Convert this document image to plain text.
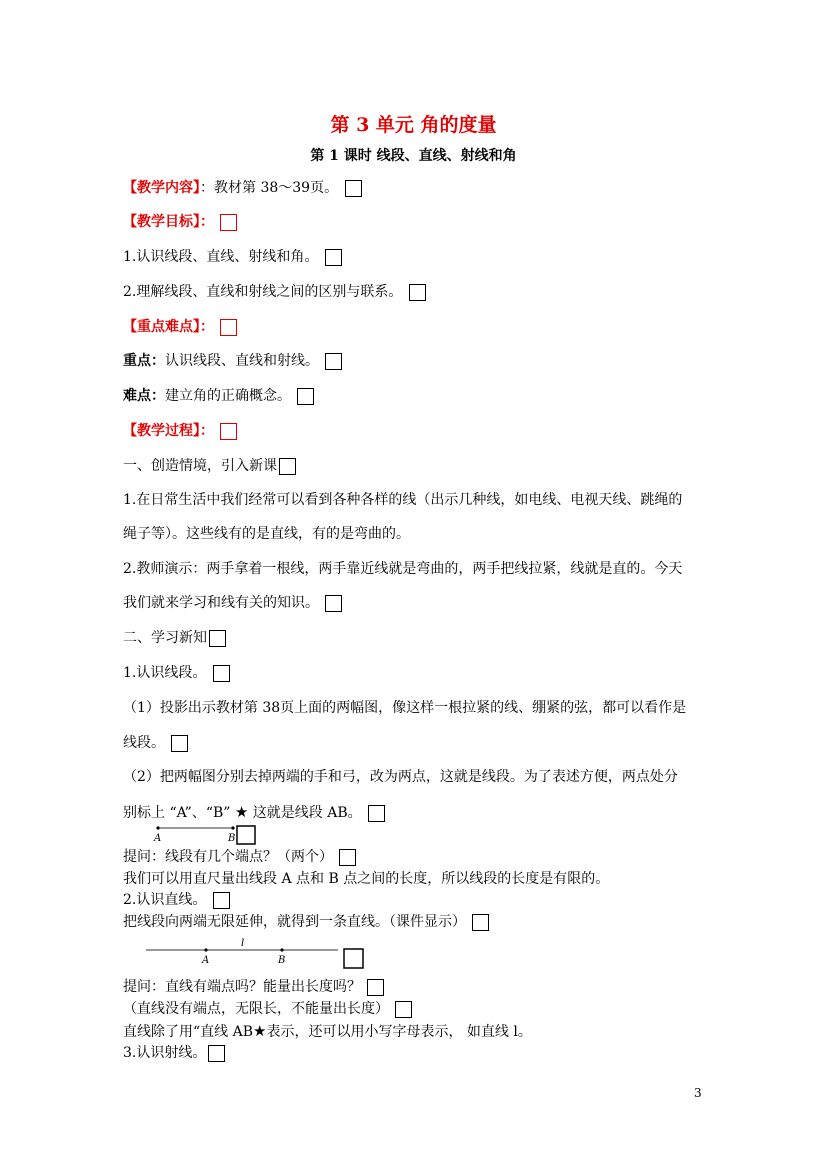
第 3 单元 角的度量
第 1 课时 线段、直线、射线和角
【教学内容】：教材第 38～39页。
【教学目标】：
1.认识线段、直线、射线和角。
2.理解线段、直线和射线之间的区别与联系。
【重点难点】：
重点：认识线段、直线和射线。
难点：建立角的正确概念。
【教学过程】：
一、创造情境，引入新课
1.在日常生活中我们经常可以看到各种各样的线（出示几种线，如电线、电视天线、跳绳的
绳子等）。这些线有的是直线，有的是弯曲的。
2.教师演示：两手拿着一根线，两手靠近线就是弯曲的，两手把线拉紧，线就是直的。今天
我们就来学习和线有关的知识。
二、学习新知
1.认识线段。
（1）投影出示教材第 38页上面的两幅图，像这样一根拉紧的线、绷紧的弦，都可以看作是
线段。
（2）把两幅图分别去掉两端的手和弓，改为两点，这就是线段。为了表述方便，两点处分
别标上 “A”、“B” ★ 这就是线段 AB。
A	B
提问：线段有几个端点？（两个）
我们可以用直尺量出线段 A 点和 B 点之间的长度，所以线段的长度是有限的。
2.认识直线。
把线段向两端无限延伸，就得到一条直线。（课件显示）
A
l
B
提问：直线有端点吗？能量出长度吗？
（直线没有端点，无限长，不能量出长度）
直线除了用“直线 AB★表示，还可以用小写字母表示， 如直线 l。
3.认识射线。
3
